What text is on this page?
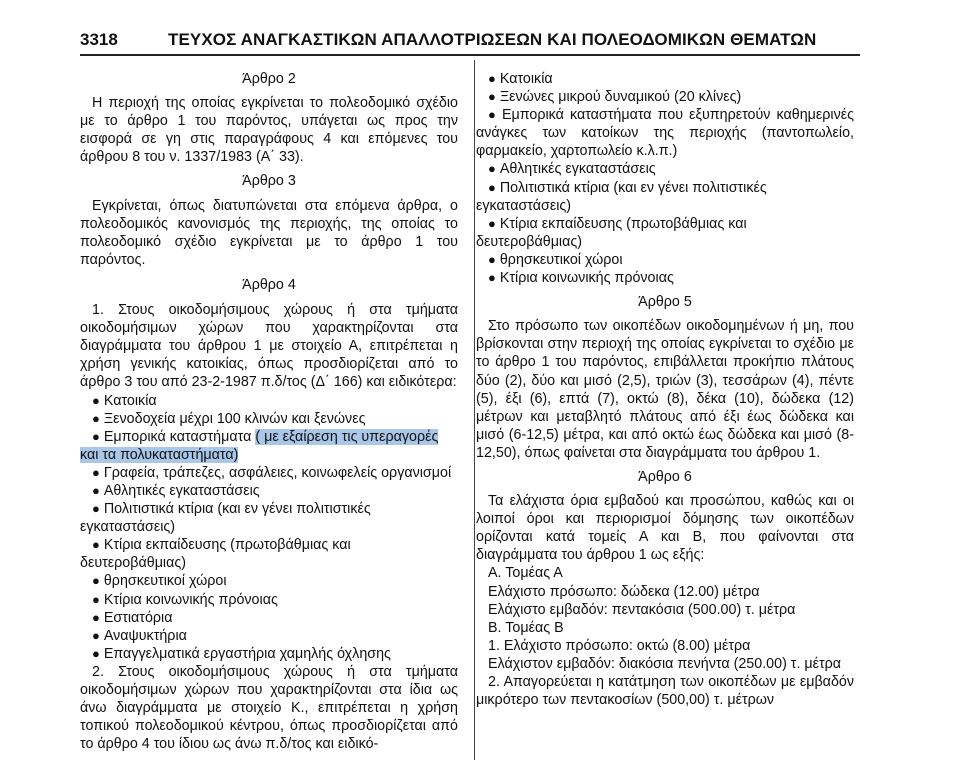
3318	ΤΕΥΧΟΣ ΑΝΑΓΚΑΣΤΙΚΩΝ ΑΠΑΛΛΟΤΡΙΩΣΕΩΝ ΚΑΙ ΠΟΛΕΟΔΟΜΙΚΩΝ ΘΕΜΑΤΩΝ

Άρθρο 2

Η περιοχή της οποίας εγκρίνεται το πολεοδομικό σχέδιο με το άρθρο 1 του παρόντος, υπάγεται ως προς την εισφορά σε γη στις παραγράφους 4 και επόμενες του άρθρου 8 του ν. 1337/1983 (Α΄ 33).

Άρθρο 3

Εγκρίνεται, όπως διατυπώνεται στα επόμενα άρθρα, ο πολεοδομικός κανονισμός της περιοχής, της οποίας το πολεοδομικό σχέδιο εγκρίνεται με το άρθρο 1 του παρόντος.

Άρθρο 4

1. Στους οικοδομήσιμους χώρους ή στα τμήματα οικοδομήσιμων χώρων που χαρακτηρίζονται στα διαγράμματα του άρθρου 1 με στοιχείο Α, επιτρέπεται η χρήση γενικής κατοικίας, όπως προσδιορίζεται από το άρθρο 3 του από 23-2-1987 π.δ/τος (Δ΄ 166) και ειδικότερα:

● Κατοικία

● Ξενοδοχεία μέχρι 100 κλινών και ξενώνες

● Εμπορικά καταστήματα ( με εξαίρεση τις υπεραγορές και τα πολυκαταστήματα)

● Γραφεία, τράπεζες, ασφάλειες, κοινωφελείς οργανισμοί

● Αθλητικές εγκαταστάσεις

● Πολιτιστικά κτίρια (και εν γένει πολιτιστικές εγκαταστάσεις)

● Κτίρια εκπαίδευσης (πρωτοβάθμιας και δευτεροβάθμιας)

● θρησκευτικοί χώροι

● Κτίρια κοινωνικής πρόνοιας

● Εστιατόρια

● Αναψυκτήρια

● Επαγγελματικά εργαστήρια χαμηλής όχλησης

2. Στους οικοδομήσιμους χώρους ή στα τμήματα οικοδομήσιμων χώρων που χαρακτηρίζονται στα ίδια ως άνω διαγράμματα με στοιχείο Κ., επιτρέπεται η χρήση τοπικού πολεοδομικού κέντρου, όπως προσδιορίζεται από το άρθρο 4 του ίδιου ως άνω π.δ/τος και ειδικό-

● Κατοικία

● Ξενώνες μικρού δυναμικού (20 κλίνες)

● Εμπορικά καταστήματα που εξυπηρετούν καθημερινές ανάγκες των κατοίκων της περιοχής (παντοπωλείο, φαρμακείο, χαρτοπωλείο κ.λ.π.)

● Αθλητικές εγκαταστάσεις

● Πολιτιστικά κτίρια (και εν γένει πολιτιστικές εγκαταστάσεις)

● Κτίρια εκπαίδευσης (πρωτοβάθμιας και δευτεροβάθμιας)

● θρησκευτικοί χώροι

● Κτίρια κοινωνικής πρόνοιας

Άρθρο 5

Στο πρόσωπο των οικοπέδων οικοδομημένων ή μη, που βρίσκονται στην περιοχή της οποίας εγκρίνεται το σχέδιο με το άρθρο 1 του παρόντος, επιβάλλεται προκήπιο πλάτους δύο (2), δύο και μισό (2,5), τριών (3), τεσσάρων (4), πέντε (5), έξι (6), επτά (7), οκτώ (8), δέκα (10), δώδεκα (12) μέτρων και μεταβλητό πλάτους από έξι έως δώδεκα και μισό (6-12,5) μέτρα, και από οκτώ έως δώδεκα και μισό (8-12,50), όπως φαίνεται στα διαγράμματα του άρθρου 1.

Άρθρο 6

Τα ελάχιστα όρια εμβαδού και προσώπου, καθώς και οι λοιποί όροι και περιορισμοί δόμησης των οικοπέδων ορίζονται κατά τομείς Α και Β, που φαίνονται στα διαγράμματα του άρθρου 1 ως εξής:

Α. Τομέας Α

Ελάχιστο πρόσωπο: δώδεκα (12.00) μέτρα

Ελάχιστο εμβαδόν: πεντακόσια (500.00) τ. μέτρα

Β. Τομέας Β

1. Ελάχιστο πρόσωπο: οκτώ (8.00) μέτρα

Ελάχιστον εμβαδόν: διακόσια πενήντα (250.00) τ. μέτρα

2. Απαγορεύεται η κατάτμηση των οικοπέδων με εμβαδόν μικρότερο των πεντακοσίων (500,00) τ. μέτρων
